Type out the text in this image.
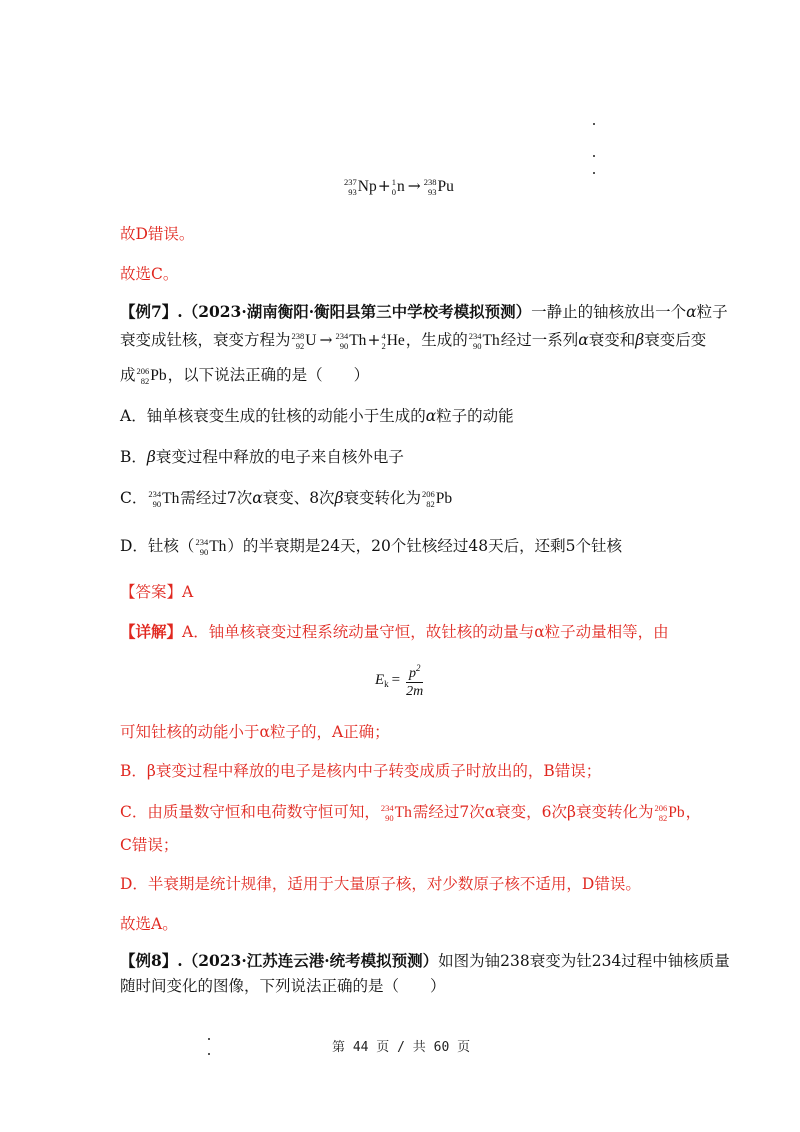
237
93 Np + 1
0 n → 238
93 Pu
故D错误。
故选C。
【例7】.（2023·湖南衡阳·衡阳县第三中学校考模拟预测）一静止的铀核放出一个α粒子
衰变成钍核，衰变方程为 238
92 U → 234
90 Th + 4
2 He ，生成的 234
90 Th 经过一系列α衰变和β衰变后变
成 206
82 Pb ，以下说法正确的是（　　）
A．铀单核衰变生成的钍核的动能小于生成的α粒子的动能
B．β衰变过程中释放的电子来自核外电子
C． 234
90 Th 需经过7次α衰变、8次β衰变转化为 206
82 Pb
D．钍核（ 234
90 Th ）的半衰期是24天，20个钍核经过48天后，还剩5个钍核
【答案】A
【详解】A．铀单核衰变过程系统动量守恒，故钍核的动量与α粒子动量相等，由
$E_k = \frac{p^2}{2m}$
可知钍核的动能小于α粒子的，A正确；
B．β衰变过程中释放的电子是核内中子转变成质子时放出的，B错误；
C．由质量数守恒和电荷数守恒可知， 234
90 Th 需经过7次α衰变，6次β衰变转化为 206
82 Pb ，
C错误；
D．半衰期是统计规律，适用于大量原子核，对少数原子核不适用，D错误。
故选A。
【例8】.（2023·江苏连云港·统考模拟预测）如图为铀238衰变为钍234过程中铀核质量
随时间变化的图像，下列说法正确的是（　　）
第 44 页 / 共 60 页
